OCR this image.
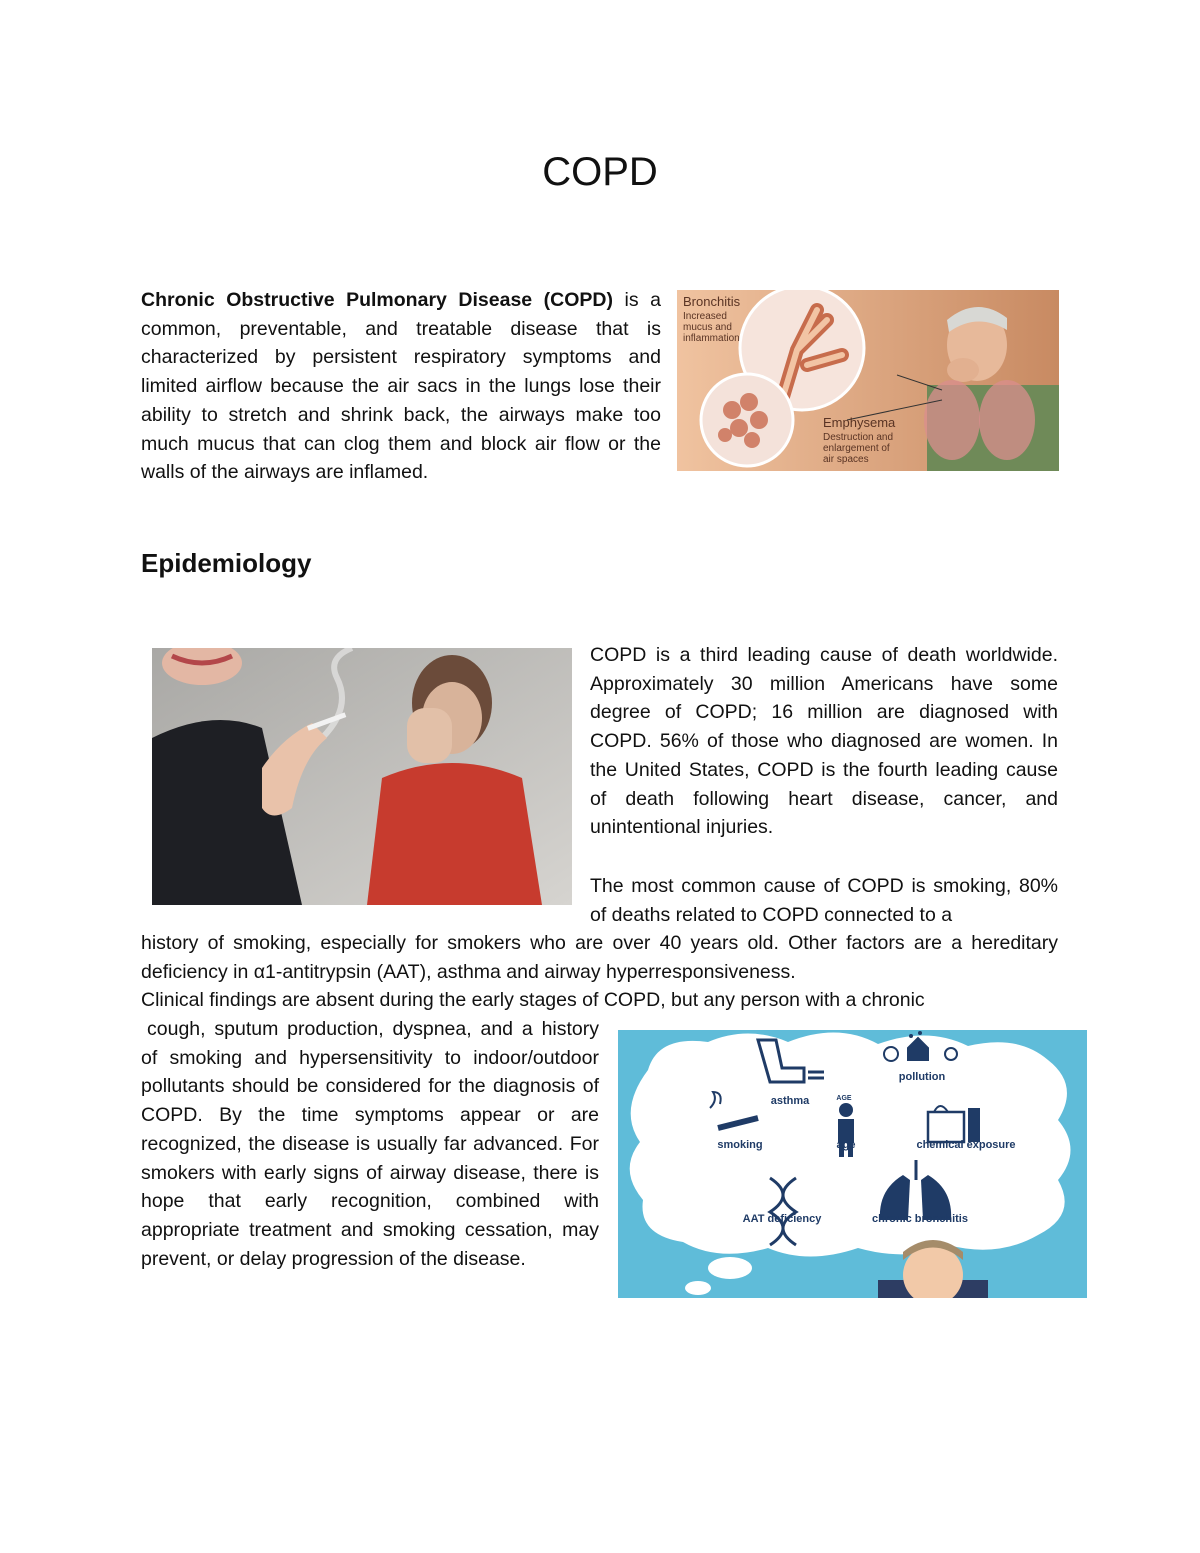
COPD

Chronic Obstructive Pulmonary Disease (COPD) is a common, preventable, and treatable disease that is characterized by persistent respiratory symptoms and limited airflow because the air sacs in the lungs lose their ability to stretch and shrink back, the airways make too much mucus that can clog them and block air flow or the walls of the airways are inflamed.

Bronchitis
Increased
mucus and
inflammation
Emphysema
Destruction and
enlargement of
air spaces
Epidemiology

COPD is a third leading cause of death worldwide. Approximately 30 million Americans have some degree of COPD; 16 million are diagnosed with COPD. 56% of those who diagnosed are women. In the United States, COPD is the fourth leading cause of death following heart disease, cancer, and unintentional injuries.

The most common cause of COPD is smoking, 80% of deaths related to COPD connected to a

history of smoking, especially for smokers who are over 40 years old. Other factors are a hereditary deficiency in α1-antitrypsin (AAT), asthma and airway hyperresponsiveness.

Clinical findings are absent during the early stages of COPD, but any person with a chronic

cough, sputum production, dyspnea, and a history of smoking and hypersensitivity to indoor/outdoor pollutants should be considered for the diagnosis of COPD. By the time symptoms appear or are recognized, the disease is usually far advanced. For smokers with early signs of airway disease, there is hope that early recognition, combined with appropriate treatment and smoking cessation, may prevent, or delay progression of the disease.

AGE
asthma
pollution
smoking	age	chemical exposure
AAT deficiency	chronic bronchitis
